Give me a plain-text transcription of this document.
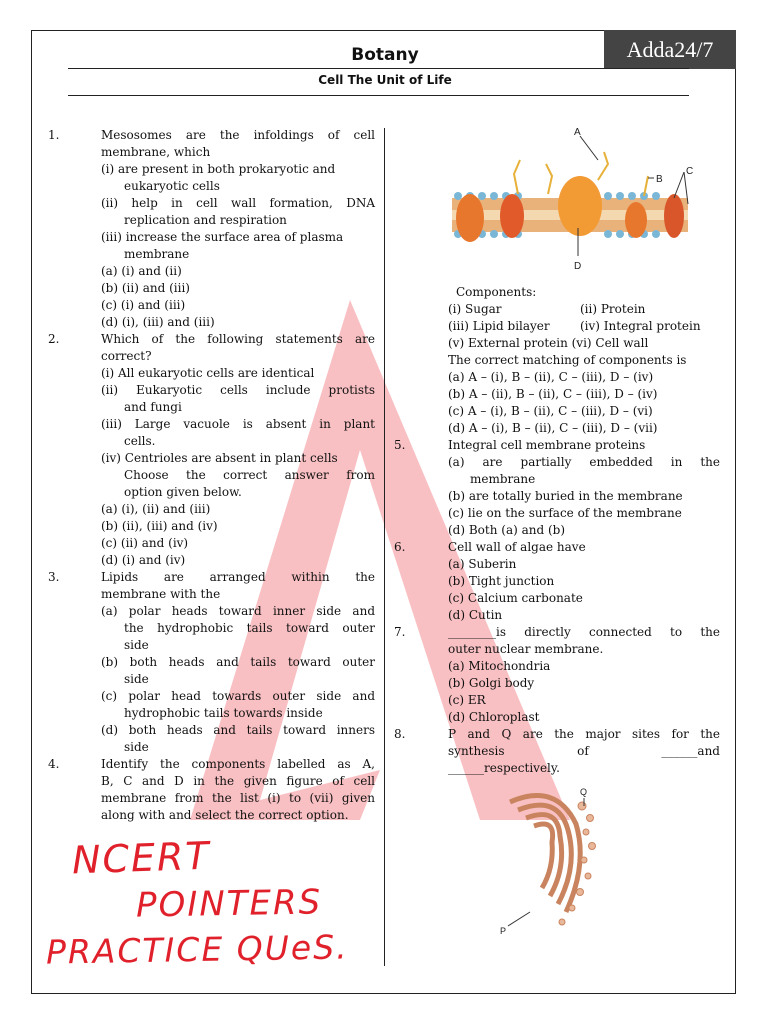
Adda24/7
Botany
Cell The Unit of Life
1.	Mesosomes are the infoldings of cell
membrane, which
(i) are present in both prokaryotic and
eukaryotic cells
(ii) help in cell wall formation, DNA
replication and respiration
(iii) increase the surface area of plasma
membrane
(a) (i) and (ii)
(b) (ii) and (iii)
(c) (i) and (iii)
(d) (i), (iii) and (iii)
2.	Which of the following statements are
correct?
(i) All eukaryotic cells are identical
(ii) Eukaryotic cells include protists
and fungi
(iii) Large vacuole is absent in plant
cells.
(iv) Centrioles are absent in plant cells
Choose the correct answer from
option given below.
(a) (i), (ii) and (iii)
(b) (ii), (iii) and (iv)
(c) (ii) and (iv)
(d) (i) and (iv)
3.	Lipids are arranged within the
membrane with the
(a) polar heads toward inner side and
the hydrophobic tails toward outer
side
(b) both heads and tails toward outer
side
(c) polar head towards outer side and
hydrophobic tails towards inside
(d) both heads and tails toward inners
side
4.	Identify the components labelled as A,
B, C and D in the given figure of cell
membrane from the list (i) to (vii) given
along with and select the correct option.
NCERT
POINTERS
PRACTICE QUeS.
A
B
C
D
Components:
(i) Sugar	(ii) Protein
(iii) Lipid bilayer	(iv) Integral protein
(v) External protein (vi) Cell wall
The correct matching of components is
(a) A – (i), B – (ii), C – (iii), D – (iv)
(b) A – (ii), B – (ii), C – (iii), D – (iv)
(c) A – (i), B – (ii), C – (iii), D – (vi)
(d) A – (i), B – (ii), C – (iii), D – (vii)
5.	Integral cell membrane proteins
(a) are partially embedded in the
membrane
(b) are totally buried in the membrane
(c) lie on the surface of the membrane
(d) Both (a) and (b)
6.	Cell wall of algae have
(a) Suberin
(b) Tight junction
(c) Calcium carbonate
(d) Cutin
7.	________is directly connected to the
outer nuclear membrane.
(a) Mitochondria
(b) Golgi body
(c) ER
(d) Chloroplast
8.	P and Q are the major sites for the
synthesis of ______and
______respectively.
Q
P
